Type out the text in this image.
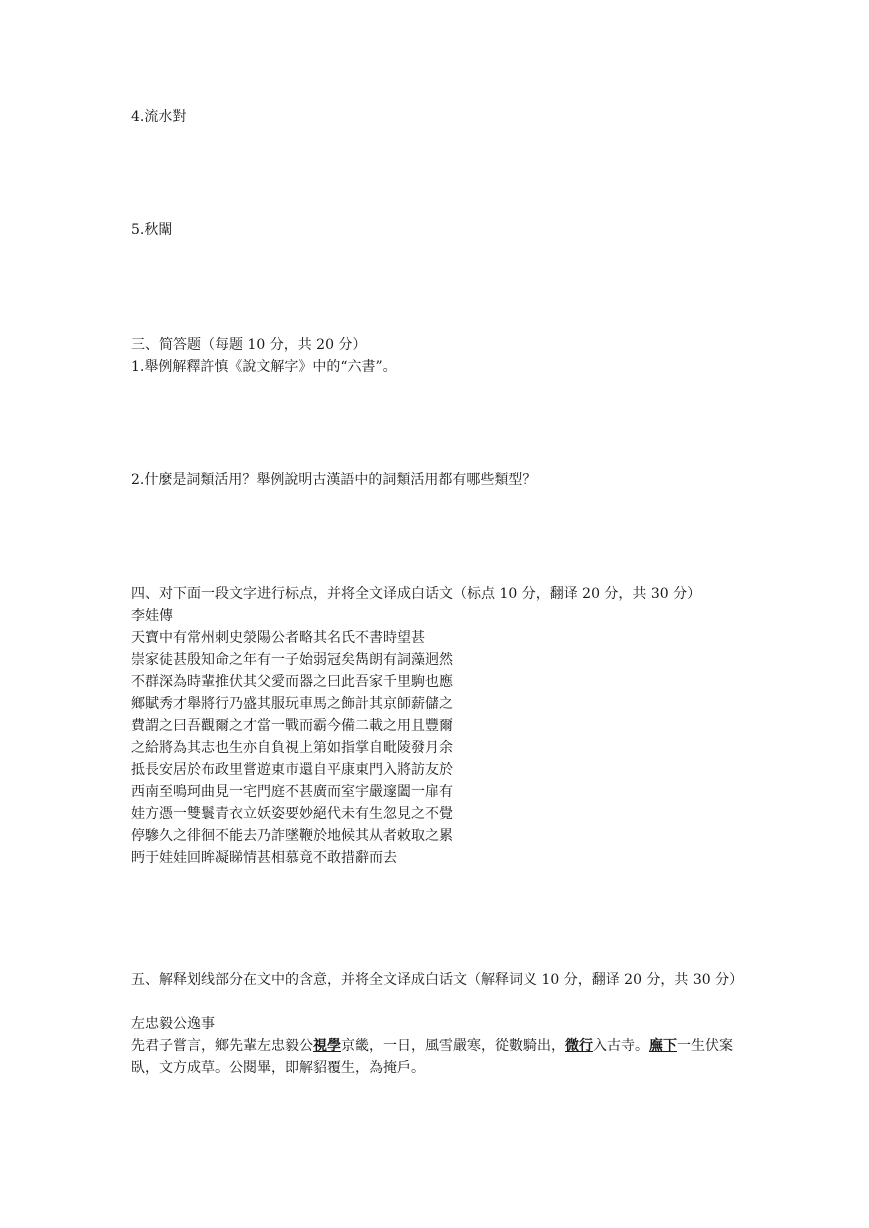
4.流水對
5.秋闈
三、简答题（每题 10 分，共 20 分）
1.舉例解釋許慎《說文解字》中的“六書”。
2.什麼是詞類活用？舉例說明古漢語中的詞類活用都有哪些類型？
四、对下面一段文字进行标点，并将全文译成白话文（标点 10 分，翻译 20 分，共 30 分）
李娃傳
天寶中有常州刺史滎陽公者略其名氏不書時望甚
崇家徒甚殷知命之年有一子始弱冠矣雋朗有詞藻迥然
不群深為時輩推伏其父愛而器之曰此吾家千里駒也應
鄉賦秀才舉將行乃盛其服玩車馬之飾計其京師薪儲之
費謂之曰吾觀爾之才當一戰而霸今備二載之用且豐爾
之給將為其志也生亦自負視上第如指掌自毗陵發月余
抵長安居於布政里嘗遊東市還自平康東門入將訪友於
西南至鳴珂曲見一宅門庭不甚廣而室宇嚴邃闔一扉有
娃方憑一雙鬟青衣立妖姿要妙絕代未有生忽見之不覺
停驂久之徘徊不能去乃詐墜鞭於地候其从者敕取之累
眄于娃娃回眸凝睇情甚相慕竟不敢措辭而去
五、解释划线部分在文中的含意，并将全文译成白话文（解释词义 10 分，翻译 20 分，共 30 分）
左忠毅公逸事
先君子嘗言，鄉先輩左忠毅公視學京畿，一日，風雪嚴寒，從數騎出，微行入古寺。廡下一生伏案臥，文方成草。公閱畢，即解貂覆生，為掩戶。
